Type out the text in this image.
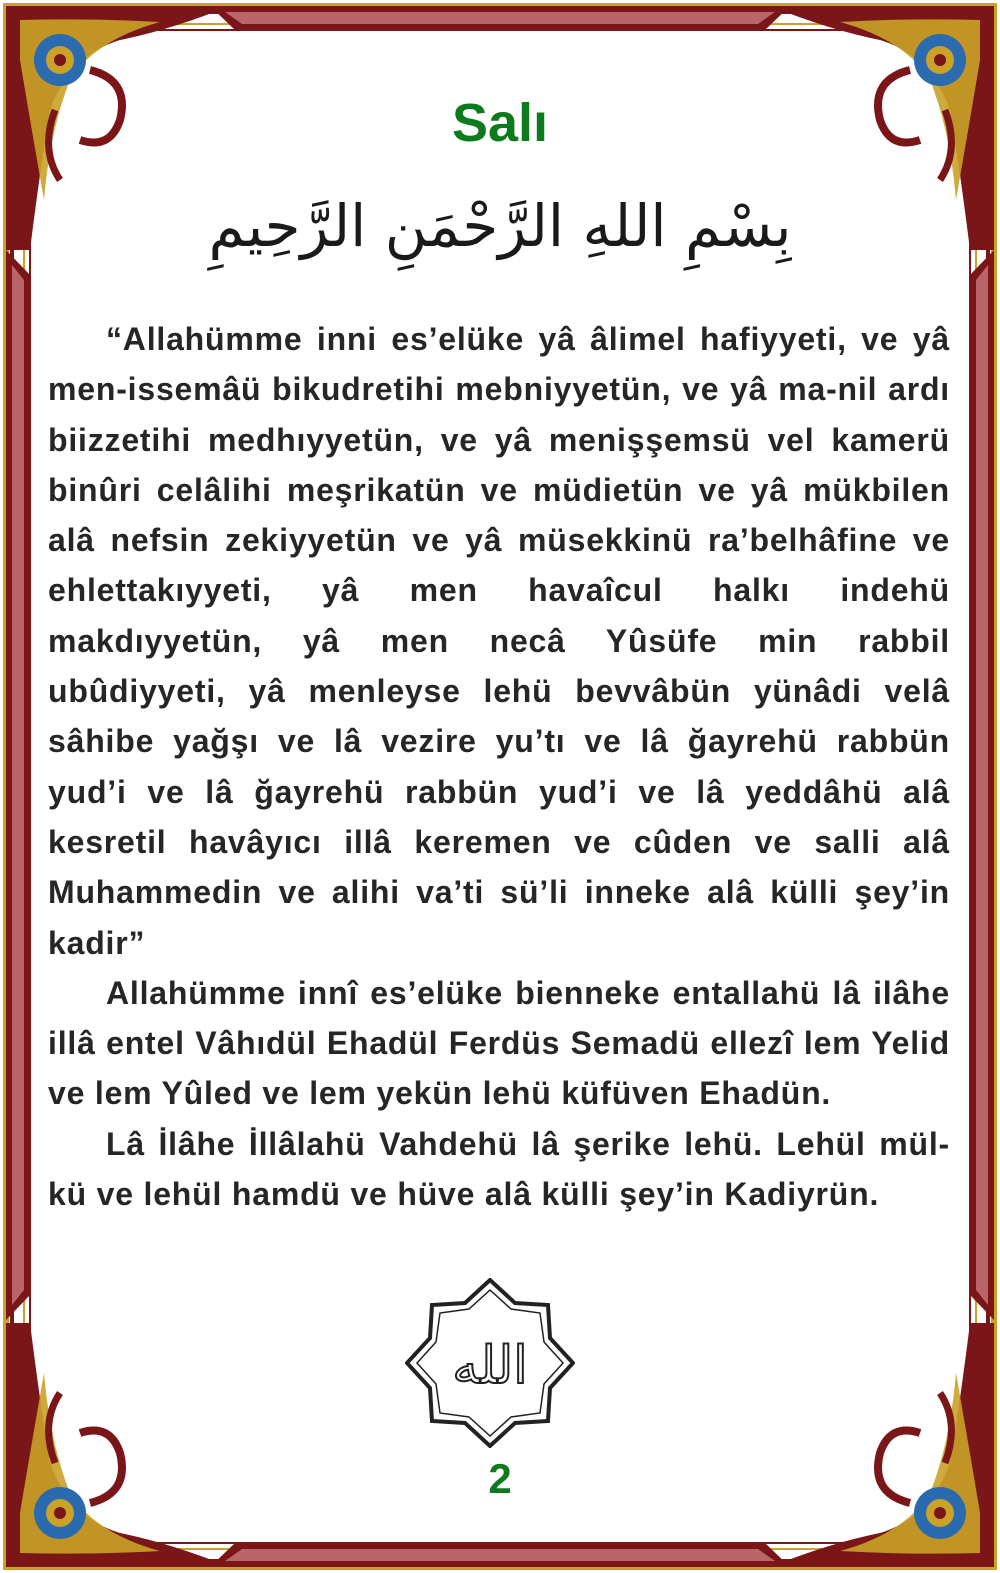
Salı
بِسْمِ اللهِ الرَّحْمَنِ الرَّحِيمِ

“Allahümme inni es’elüke yâ âlimel hafiyyeti, ve yâ men-issemâü bikudretihi mebniyyetün, ve yâ ma-nil ardı biizzetihi medhıyyetün, ve yâ menişşemsü vel kamerü binûri celâlihi meşrikatün ve müdietün ve yâ mükbilen alâ nefsin zekiyyetün ve yâ müsekkinü ra’belhâfine ve ehlettakıyyeti, yâ men havaîcul halkı indehü makdıyyetün, yâ men necâ Yûsüfe min rabbil ubûdiyyeti, yâ menleyse lehü bevvâbün yünâdi velâ sâhibe yağşı ve lâ vezire yu’tı ve lâ ğayrehü rabbün yud’i ve lâ ğayrehü rabbün yud’i ve lâ yeddâhü alâ kesretil havâyıcı illâ keremen ve cûden ve salli alâ Muhammedin ve alihi va’ti sü’li inneke alâ külli şey’in kadir”

Allahümme innî es’elüke bienneke entallahü lâ ilâhe illâ entel Vâhıdül Ehadül Ferdüs Semadü ellezî lem Yelid ve lem Yûled ve lem yekün lehü küfüven Ehadün.

Lâ İlâhe İllâlahü Vahdehü lâ şerike lehü. Lehül mül-kü ve lehül hamdü ve hüve alâ külli şey’in Kadiyrün.

الله
2
